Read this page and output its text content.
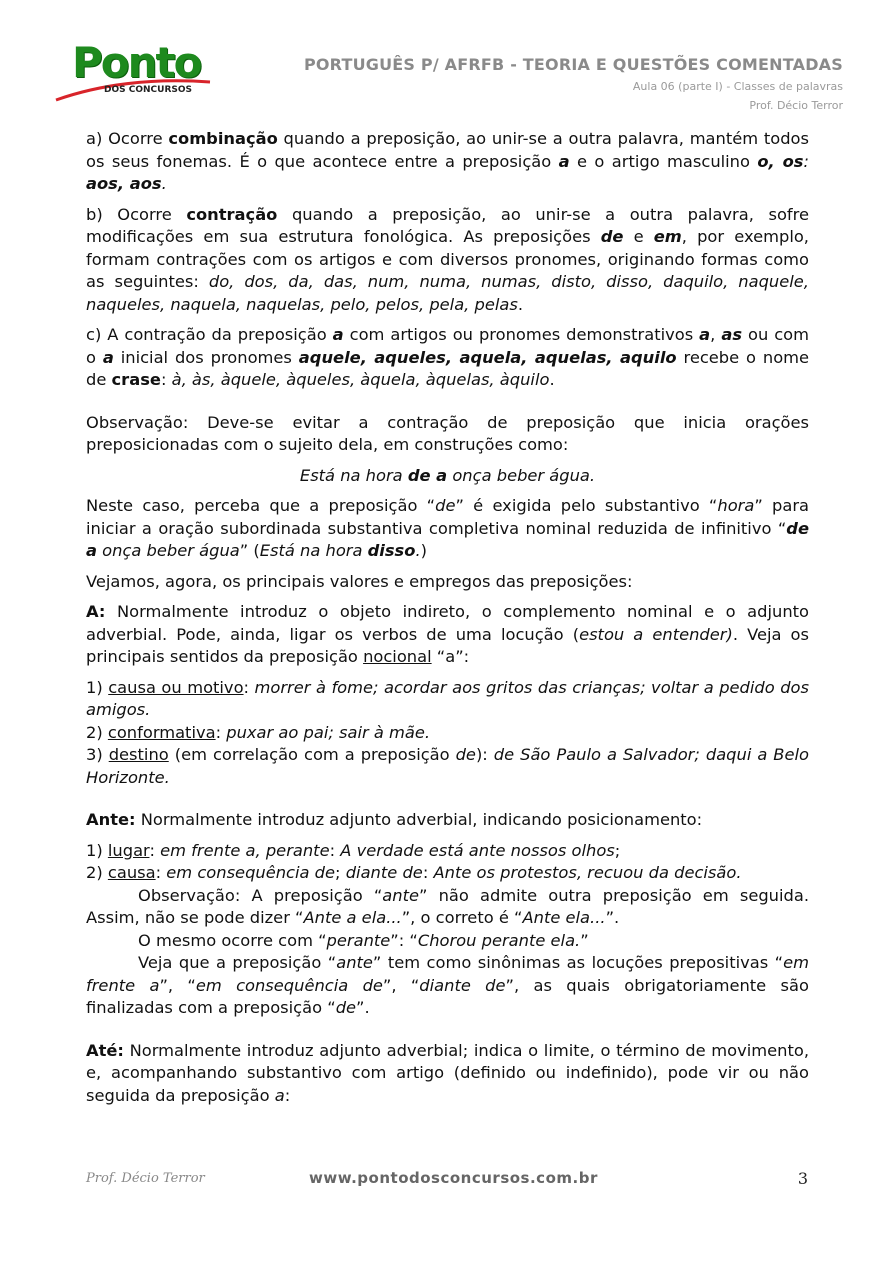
Ponto
DOS CONCURSOS
PORTUGUÊS P/ AFRFB - TEORIA E QUESTÕES COMENTADAS
Aula 06 (parte I) - Classes de palavras
Prof. Décio Terror

a) Ocorre combinação quando a preposição, ao unir-se a outra palavra, mantém todos os seus fonemas. É o que acontece entre a preposição a e o artigo masculino o, os: aos, aos.

b) Ocorre contração quando a preposição, ao unir-se a outra palavra, sofre modificações em sua estrutura fonológica. As preposições de e em, por exemplo, formam contrações com os artigos e com diversos pronomes, originando formas como as seguintes: do, dos, da, das, num, numa, numas, disto, disso, daquilo, naquele, naqueles, naquela, naquelas, pelo, pelos, pela, pelas.

c) A contração da preposição a com artigos ou pronomes demonstrativos a, as ou com o a inicial dos pronomes aquele, aqueles, aquela, aquelas, aquilo recebe o nome de crase: à, às, àquele, àqueles, àquela, àquelas, àquilo.

Observação: Deve-se evitar a contração de preposição que inicia orações preposicionadas com o sujeito dela, em construções como:

Está na hora de a onça beber água.

Neste caso, perceba que a preposição “de” é exigida pelo substantivo “hora” para iniciar a oração subordinada substantiva completiva nominal reduzida de infinitivo “de a onça beber água” (Está na hora disso.)

Vejamos, agora, os principais valores e empregos das preposições:

A: Normalmente introduz o objeto indireto, o complemento nominal e o adjunto adverbial. Pode, ainda, ligar os verbos de uma locução (estou a entender). Veja os principais sentidos da preposição nocional “a”:

1) causa ou motivo: morrer à fome; acordar aos gritos das crianças; voltar a pedido dos amigos.

2) conformativa: puxar ao pai; sair à mãe.

3) destino (em correlação com a preposição de): de São Paulo a Salvador; daqui a Belo Horizonte.

Ante: Normalmente introduz adjunto adverbial, indicando posicionamento:

1) lugar: em frente a, perante: A verdade está ante nossos olhos;

2) causa: em consequência de; diante de: Ante os protestos, recuou da decisão.

Observação: A preposição “ante” não admite outra preposição em seguida. Assim, não se pode dizer “Ante a ela...”, o correto é “Ante ela...”.

O mesmo ocorre com “perante”: “Chorou perante ela.”

Veja que a preposição “ante” tem como sinônimas as locuções prepositivas “em frente a”, “em consequência de”, “diante de”, as quais obrigatoriamente são finalizadas com a preposição “de”.

Até: Normalmente introduz adjunto adverbial; indica o limite, o término de movimento, e, acompanhando substantivo com artigo (definido ou indefinido), pode vir ou não seguida da preposição a:

Prof. Décio Terror	www.pontodosconcursos.com.br	3
